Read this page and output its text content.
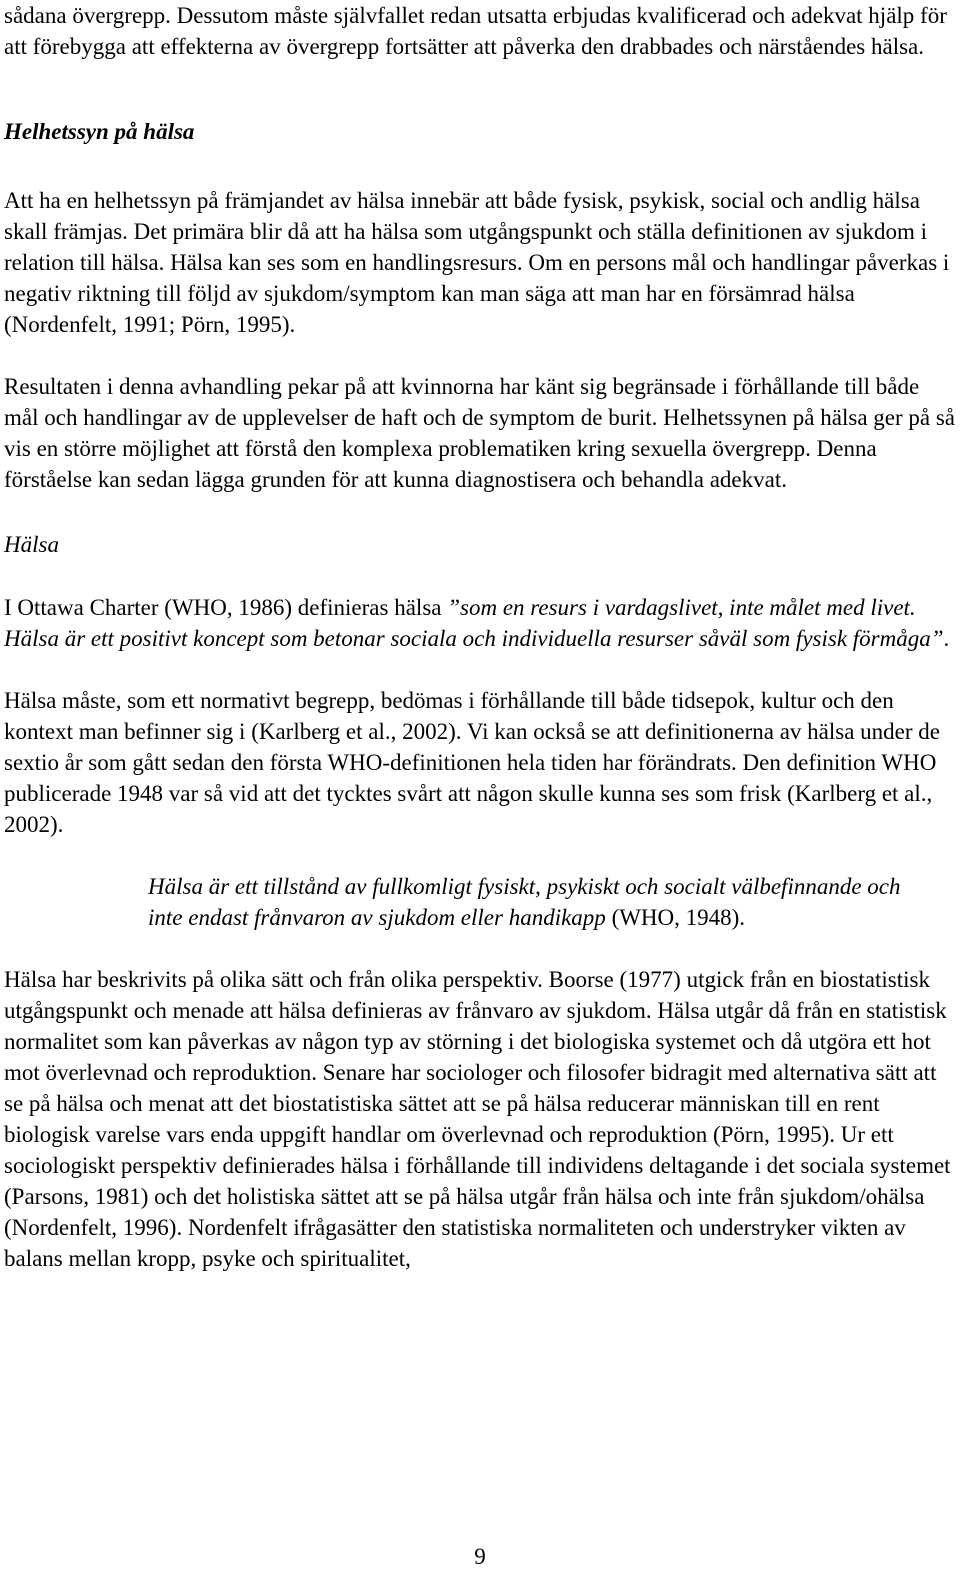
sådana övergrepp. Dessutom måste självfallet redan utsatta erbjudas kvalificerad och adekvat hjälp för att förebygga att effekterna av övergrepp fortsätter att påverka den drabbades och närståendes hälsa.

Helhetssyn på hälsa

Att ha en helhetssyn på främjandet av hälsa innebär att både fysisk, psykisk, social och andlig hälsa skall främjas. Det primära blir då att ha hälsa som utgångspunkt och ställa definitionen av sjukdom i relation till hälsa. Hälsa kan ses som en handlingsresurs. Om en persons mål och handlingar påverkas i negativ riktning till följd av sjukdom/symptom kan man säga att man har en försämrad hälsa (Nordenfelt, 1991; Pörn, 1995).

Resultaten i denna avhandling pekar på att kvinnorna har känt sig begränsade i förhållande till både mål och handlingar av de upplevelser de haft och de symptom de burit. Helhetssynen på hälsa ger på så vis en större möjlighet att förstå den komplexa problematiken kring sexuella övergrepp. Denna förståelse kan sedan lägga grunden för att kunna diagnostisera och behandla adekvat.

Hälsa

I Ottawa Charter (WHO, 1986) definieras hälsa ”som en resurs i vardagslivet, inte målet med livet. Hälsa är ett positivt koncept som betonar sociala och individuella resurser såväl som fysisk förmåga”.

Hälsa måste, som ett normativt begrepp, bedömas i förhållande till både tidsepok, kultur och den kontext man befinner sig i (Karlberg et al., 2002). Vi kan också se att definitionerna av hälsa under de sextio år som gått sedan den första WHO-definitionen hela tiden har förändrats. Den definition WHO publicerade 1948 var så vid att det tycktes svårt att någon skulle kunna ses som frisk (Karlberg et al., 2002).

Hälsa är ett tillstånd av fullkomligt fysiskt, psykiskt och socialt välbefinnande och inte endast frånvaron av sjukdom eller handikapp (WHO, 1948).

Hälsa har beskrivits på olika sätt och från olika perspektiv. Boorse (1977) utgick från en biostatistisk utgångspunkt och menade att hälsa definieras av frånvaro av sjukdom. Hälsa utgår då från en statistisk normalitet som kan påverkas av någon typ av störning i det biologiska systemet och då utgöra ett hot mot överlevnad och reproduktion. Senare har sociologer och filosofer bidragit med alternativa sätt att se på hälsa och menat att det biostatistiska sättet att se på hälsa reducerar människan till en rent biologisk varelse vars enda uppgift handlar om överlevnad och reproduktion (Pörn, 1995). Ur ett sociologiskt perspektiv definierades hälsa i förhållande till individens deltagande i det sociala systemet (Parsons, 1981) och det holistiska sättet att se på hälsa utgår från hälsa och inte från sjukdom/ohälsa (Nordenfelt, 1996). Nordenfelt ifrågasätter den statistiska normaliteten och understryker vikten av balans mellan kropp, psyke och spiritualitet,

9
